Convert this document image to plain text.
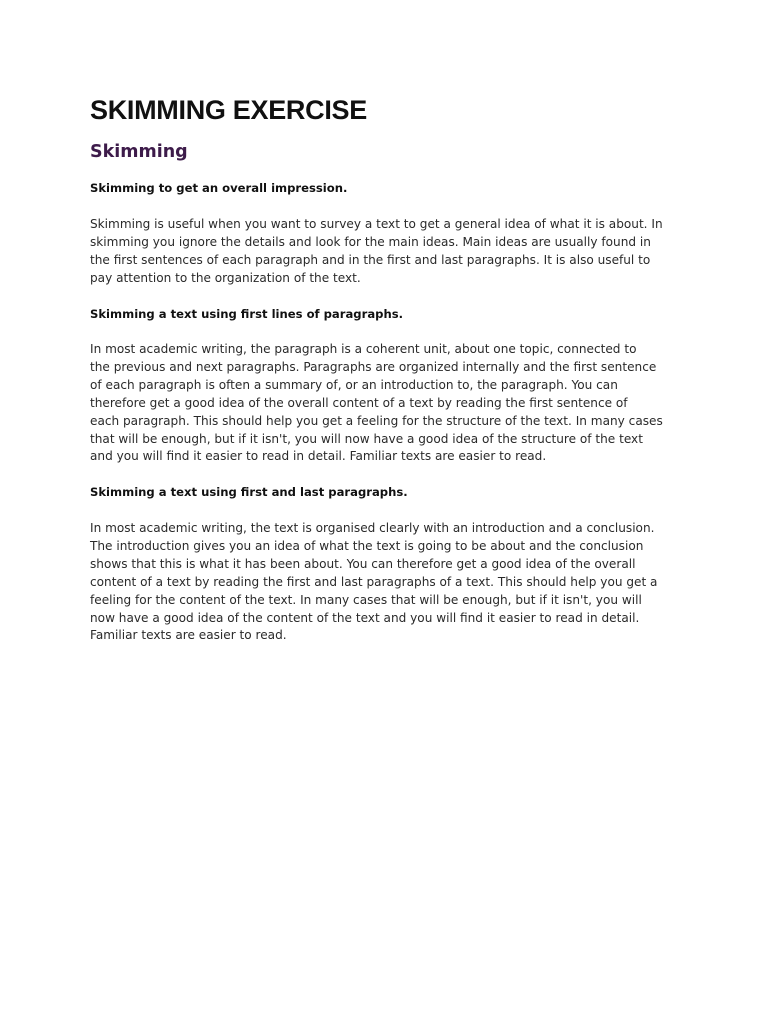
SKIMMING EXERCISE
Skimming
Skimming to get an overall impression.
Skimming is useful when you want to survey a text to get a general idea of what it is about. In
skimming you ignore the details and look for the main ideas. Main ideas are usually found in
the first sentences of each paragraph and in the first and last paragraphs. It is also useful to
pay attention to the organization of the text.
Skimming a text using first lines of paragraphs.
In most academic writing, the paragraph is a coherent unit, about one topic, connected to
the previous and next paragraphs. Paragraphs are organized internally and the first sentence
of each paragraph is often a summary of, or an introduction to, the paragraph. You can
therefore get a good idea of the overall content of a text by reading the first sentence of
each paragraph. This should help you get a feeling for the structure of the text. In many cases
that will be enough, but if it isn't, you will now have a good idea of the structure of the text
and you will find it easier to read in detail. Familiar texts are easier to read.
Skimming a text using first and last paragraphs.
In most academic writing, the text is organised clearly with an introduction and a conclusion.
The introduction gives you an idea of what the text is going to be about and the conclusion
shows that this is what it has been about. You can therefore get a good idea of the overall
content of a text by reading the first and last paragraphs of a text. This should help you get a
feeling for the content of the text. In many cases that will be enough, but if it isn't, you will
now have a good idea of the content of the text and you will find it easier to read in detail.
Familiar texts are easier to read.
